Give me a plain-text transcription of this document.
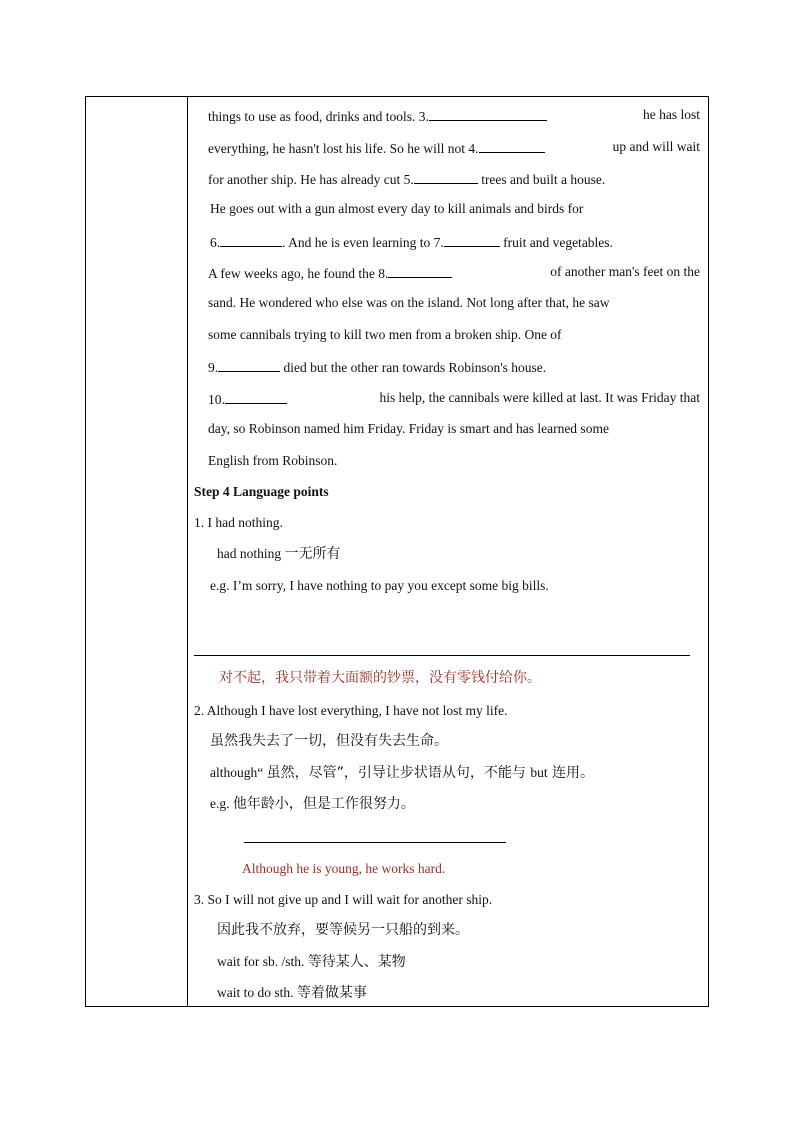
things to use as food, drinks and tools. 3.	he has lost
everything, he hasn't lost his life. So he will not 4.	up and will wait
for another ship. He has already cut 5.	trees and built a house.
He goes out with a gun almost every day to kill animals and birds for
6.	. And he is even learning to 7.	fruit and vegetables.
A few weeks ago, he found the 8.	of another man's feet on the
sand. He wondered who else was on the island. Not long after that, he saw
some cannibals trying to kill two men from a broken ship. One of
9.	died but the other ran towards Robinson's house.
10.	his help, the cannibals were killed at last. It was Friday that
day, so Robinson named him Friday. Friday is smart and has learned some
English from Robinson.
Step 4 Language points
1. I had nothing.
had nothing 一无所有
e.g. I’m sorry, I have nothing to pay you except some big bills.
对不起，我只带着大面额的钞票，没有零钱付给你。
2. Although I have lost everything, I have not lost my life.
虽然我失去了一切，但没有失去生命。
although“ 虽然，尽管”，引导让步状语从句，不能与 but 连用。
e.g. 他年龄小，但是工作很努力。
Although he is young, he works hard.
3. So I will not give up and I will wait for another ship.
因此我不放弃，要等候另一只船的到来。
wait for sb. /sth. 等待某人、某物
wait to do sth. 等着做某事
